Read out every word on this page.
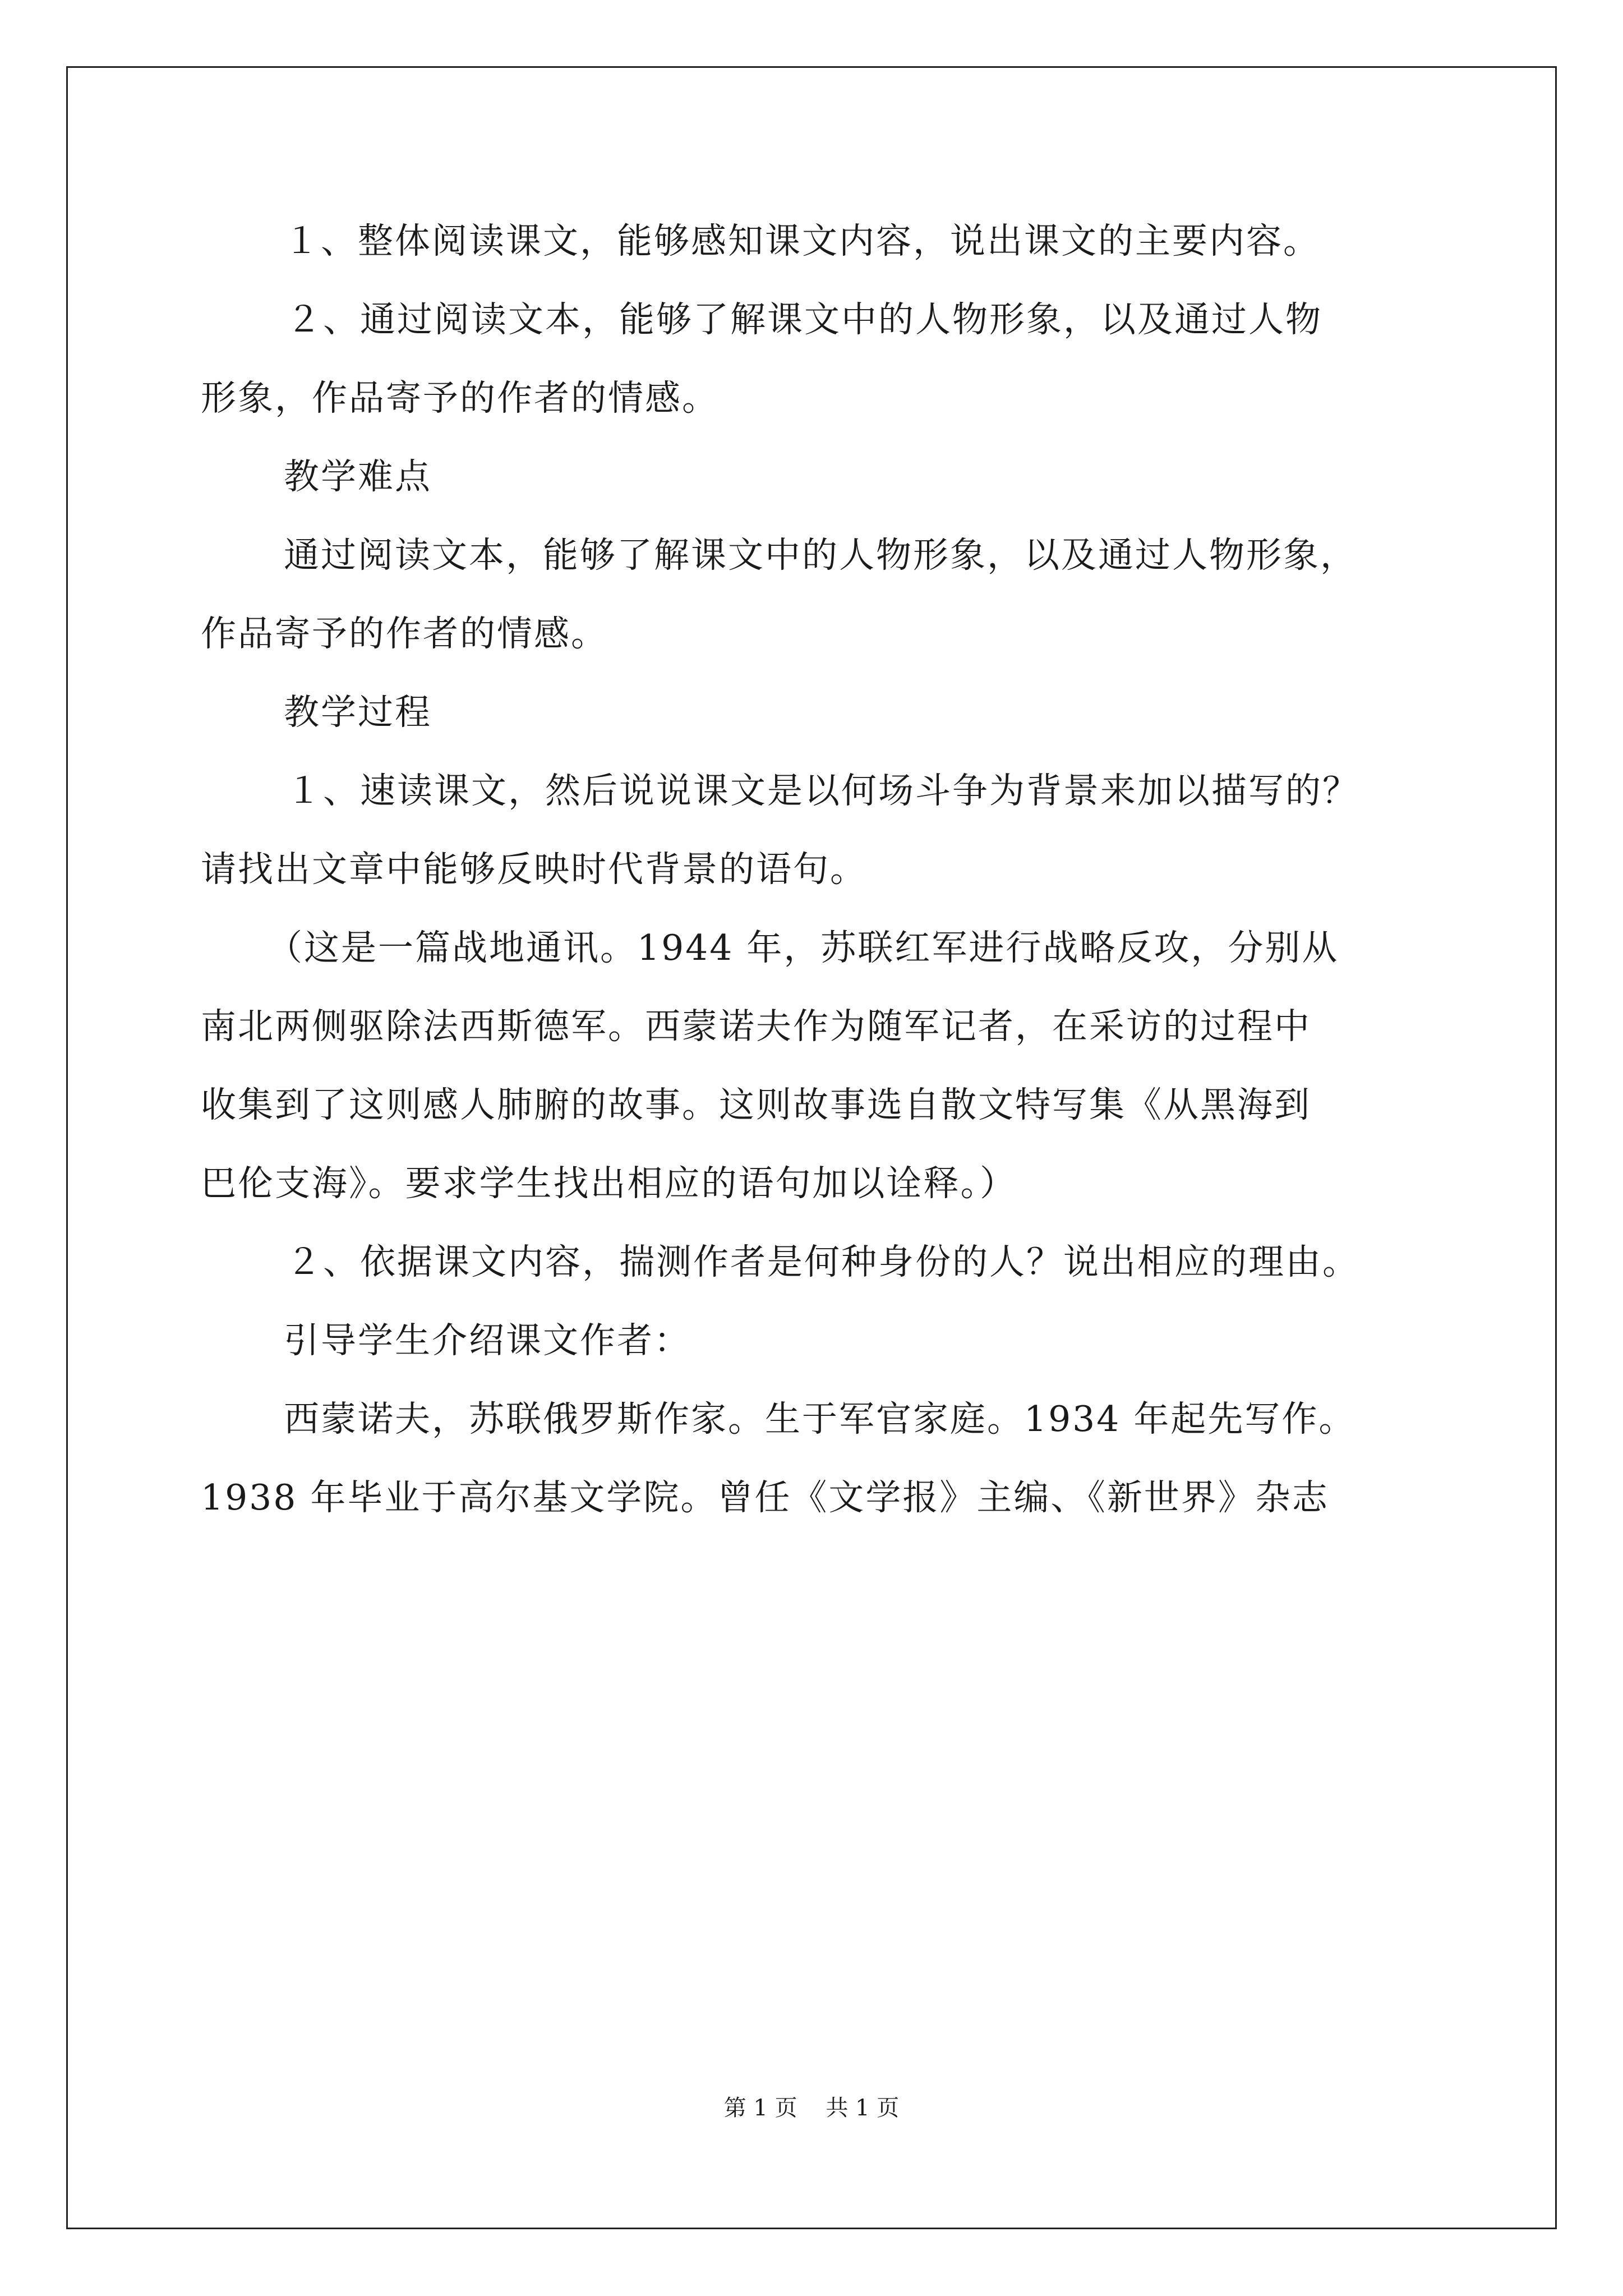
１、整体阅读课文，能够感知课文内容，说出课文的主要内容。
２、通过阅读文本，能够了解课文中的人物形象，以及通过人物
形象，作品寄予的作者的情感。
教学难点
通过阅读文本，能够了解课文中的人物形象，以及通过人物形象，
作品寄予的作者的情感。
教学过程
１、速读课文，然后说说课文是以何场斗争为背景来加以描写的？
请找出文章中能够反映时代背景的语句。
（这是一篇战地通讯。1944 年，苏联红军进行战略反攻，分别从
南北两侧驱除法西斯德军。西蒙诺夫作为随军记者，在采访的过程中
收集到了这则感人肺腑的故事。这则故事选自散文特写集《从黑海到
巴伦支海》。要求学生找出相应的语句加以诠释。）
２、依据课文内容，揣测作者是何种身份的人？说出相应的理由。
引导学生介绍课文作者：
西蒙诺夫，苏联俄罗斯作家。生于军官家庭。1934 年起先写作。
1938 年毕业于高尔基文学院。曾任《文学报》主编、《新世界》杂志
第 1 页    共 1 页
